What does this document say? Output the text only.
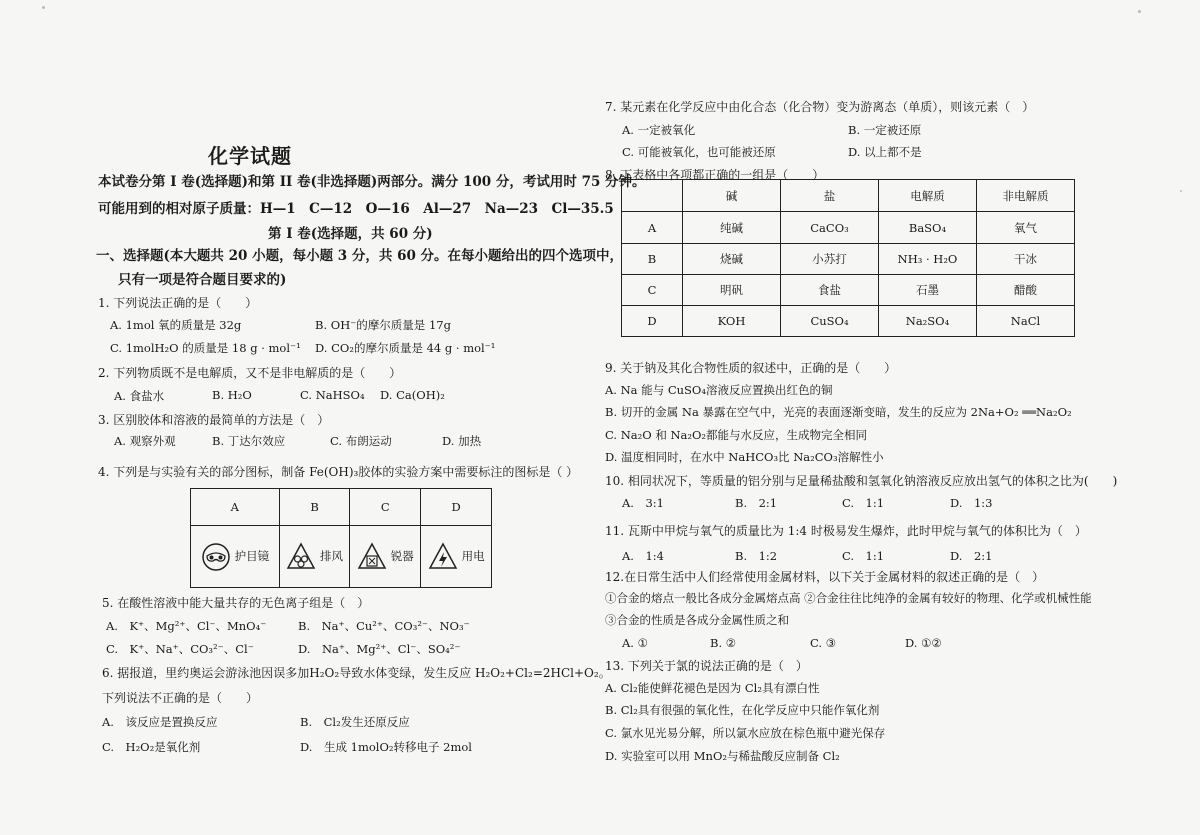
化学试题
本试卷分第 I 卷(选择题)和第 II 卷(非选择题)两部分。满分 100 分，考试用时 75 分钟。
可能用到的相对原子质量：H—1　C—12　O—16　Al—27　Na—23　Cl—35.5
第 I 卷(选择题，共 60 分)
一、选择题(本大题共 20 小题，每小题 3 分，共 60 分。在每小题给出的四个选项中，
只有一项是符合题目要求的)
1. 下列说法正确的是（　　）
A. 1mol 氧的质量是 32g	B. OH⁻的摩尔质量是 17g
C. 1molH₂O 的质量是 18 g · mol⁻¹ D. CO₂的摩尔质量是 44 g · mol⁻¹
2. 下列物质既不是电解质，又不是非电解质的是（　　）
A. 食盐水	B. H₂O	C. NaHSO₄ D. Ca(OH)₂
3. 区别胶体和溶液的最简单的方法是（　）
A. 观察外观	B. 丁达尔效应	C. 布朗运动	D. 加热
4. 下列是与实验有关的部分图标，制备 Fe(OH)₃胶体的实验方案中需要标注的图标是（ ）
A	B	C	D
护目镜	排风	锐器	用电
5. 在酸性溶液中能大量共存的无色离子组是（　）
A.　K⁺、Mg²⁺、Cl⁻、MnO₄⁻	B.　Na⁺、Cu²⁺、CO₃²⁻、NO₃⁻
C.　K⁺、Na⁺、CO₃²⁻、Cl⁻	D.　Na⁺、Mg²⁺、Cl⁻、SO₄²⁻
6. 据报道，里约奥运会游泳池因误多加H₂O₂导致水体变绿，发生反应 H₂O₂+Cl₂=2HCl+O₂。
下列说法不正确的是（　　）
A.　该反应是置换反应	B.　Cl₂发生还原反应
C.　H₂O₂是氧化剂	D.　生成 1molO₂转移电子 2mol
7. 某元素在化学反应中由化合态（化合物）变为游离态（单质），则该元素（　）
A. 一定被氧化	B. 一定被还原
C. 可能被氧化，也可能被还原	D. 以上都不是
8. 下表格中各项都正确的一组是（　　）
	碱	盐	电解质	非电解质
A	纯碱	CaCO₃	BaSO₄	氧气
B	烧碱	小苏打	NH₃ · H₂O	干冰
C	明矾	食盐	石墨	醋酸
D	KOH	CuSO₄	Na₂SO₄	NaCl
9. 关于钠及其化合物性质的叙述中，正确的是（　　）
A. Na 能与 CuSO₄溶液反应置换出红色的铜
B. 切开的金属 Na 暴露在空气中，光亮的表面逐渐变暗，发生的反应为 2Na+O₂ ══Na₂O₂
C. Na₂O 和 Na₂O₂都能与水反应，生成物完全相同
D. 温度相同时，在水中 NaHCO₃比 Na₂CO₃溶解性小
10. 相同状况下，等质量的铝分别与足量稀盐酸和氢氧化钠溶液反应放出氢气的体积之比为(　　)
A.　3:1	B.　2:1	C.　1:1	D.　1:3
11. 瓦斯中甲烷与氧气的质量比为 1:4 时极易发生爆炸，此时甲烷与氧气的体积比为（　）
A.　1:4	B.　1:2	C.　1:1	D.　2:1
12.在日常生活中人们经常使用金属材料，以下关于金属材料的叙述正确的是（　）
①合金的熔点一般比各成分金属熔点高 ②合金往往比纯净的金属有较好的物理、化学或机械性能
③合金的性质是各成分金属性质之和
A. ①	B. ②	C. ③	D. ①②
13. 下列关于氯的说法正确的是（　）
A. Cl₂能使鲜花褪色是因为 Cl₂具有漂白性
B. Cl₂具有很强的氧化性，在化学反应中只能作氧化剂
C. 氯水见光易分解，所以氯水应放在棕色瓶中避光保存
D. 实验室可以用 MnO₂与稀盐酸反应制备 Cl₂
